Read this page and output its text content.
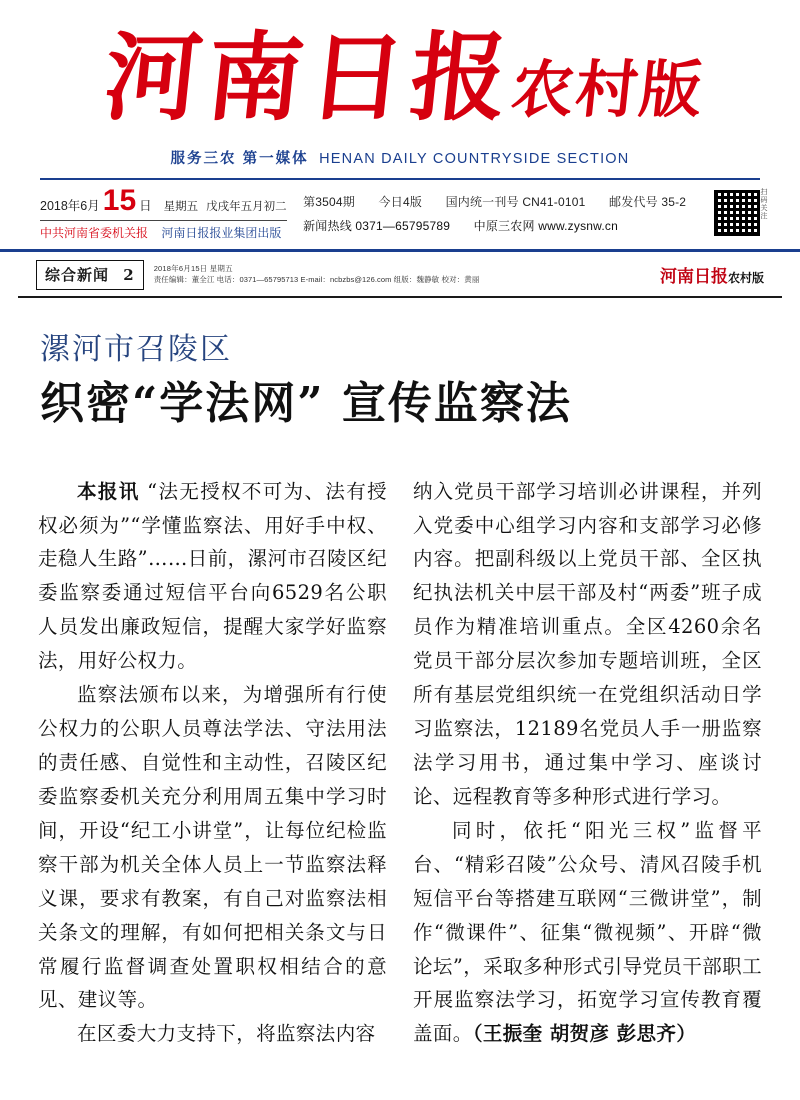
河南日报农村版
服务三农 第一媒体 HENAN DAILY COUNTRYSIDE SECTION
2018年6月 15 日 星期五 戊戌年五月初二
中共河南省委机关报 河南日报报业集团出版
第3504期 今日4版 国内统一刊号 CN41-0101 邮发代号 35-2
新闻热线 0371—65795789 中原三农网 www.zysnw.cn
扫码关注
综合新闻 2	2018年6月15日 星期五
责任编辑：董全江 电话：0371—65795713 E-mail：ncbzbs@126.com 组版：魏静敏 校对：黄丽	河南日报农村版
漯河市召陵区
织密“学法网” 宣传监察法

本报讯 “法无授权不可为、法有授权必须为”“学懂监察法、用好手中权、走稳人生路”……日前，漯河市召陵区纪委监察委通过短信平台向6529名公职人员发出廉政短信，提醒大家学好监察法，用好公权力。

监察法颁布以来，为增强所有行使公权力的公职人员尊法学法、守法用法的责任感、自觉性和主动性，召陵区纪委监察委机关充分利用周五集中学习时间，开设“纪工小讲堂”，让每位纪检监察干部为机关全体人员上一节监察法释义课，要求有教案，有自己对监察法相关条文的理解，有如何把相关条文与日常履行监督调查处置职权相结合的意见、建议等。

在区委大力支持下，将监察法内容

纳入党员干部学习培训必讲课程，并列入党委中心组学习内容和支部学习必修内容。把副科级以上党员干部、全区执纪执法机关中层干部及村“两委”班子成员作为精准培训重点。全区4260余名党员干部分层次参加专题培训班，全区所有基层党组织统一在党组织活动日学习监察法，12189名党员人手一册监察法学习用书，通过集中学习、座谈讨论、远程教育等多种形式进行学习。

同时，依托“阳光三权”监督平台、“精彩召陵”公众号、清风召陵手机短信平台等搭建互联网“三微讲堂”，制作“微课件”、征集“微视频”、开辟“微论坛”，采取多种形式引导党员干部职工开展监察法学习，拓宽学习宣传教育覆盖面。（王振奎 胡贺彦 彭思齐）
